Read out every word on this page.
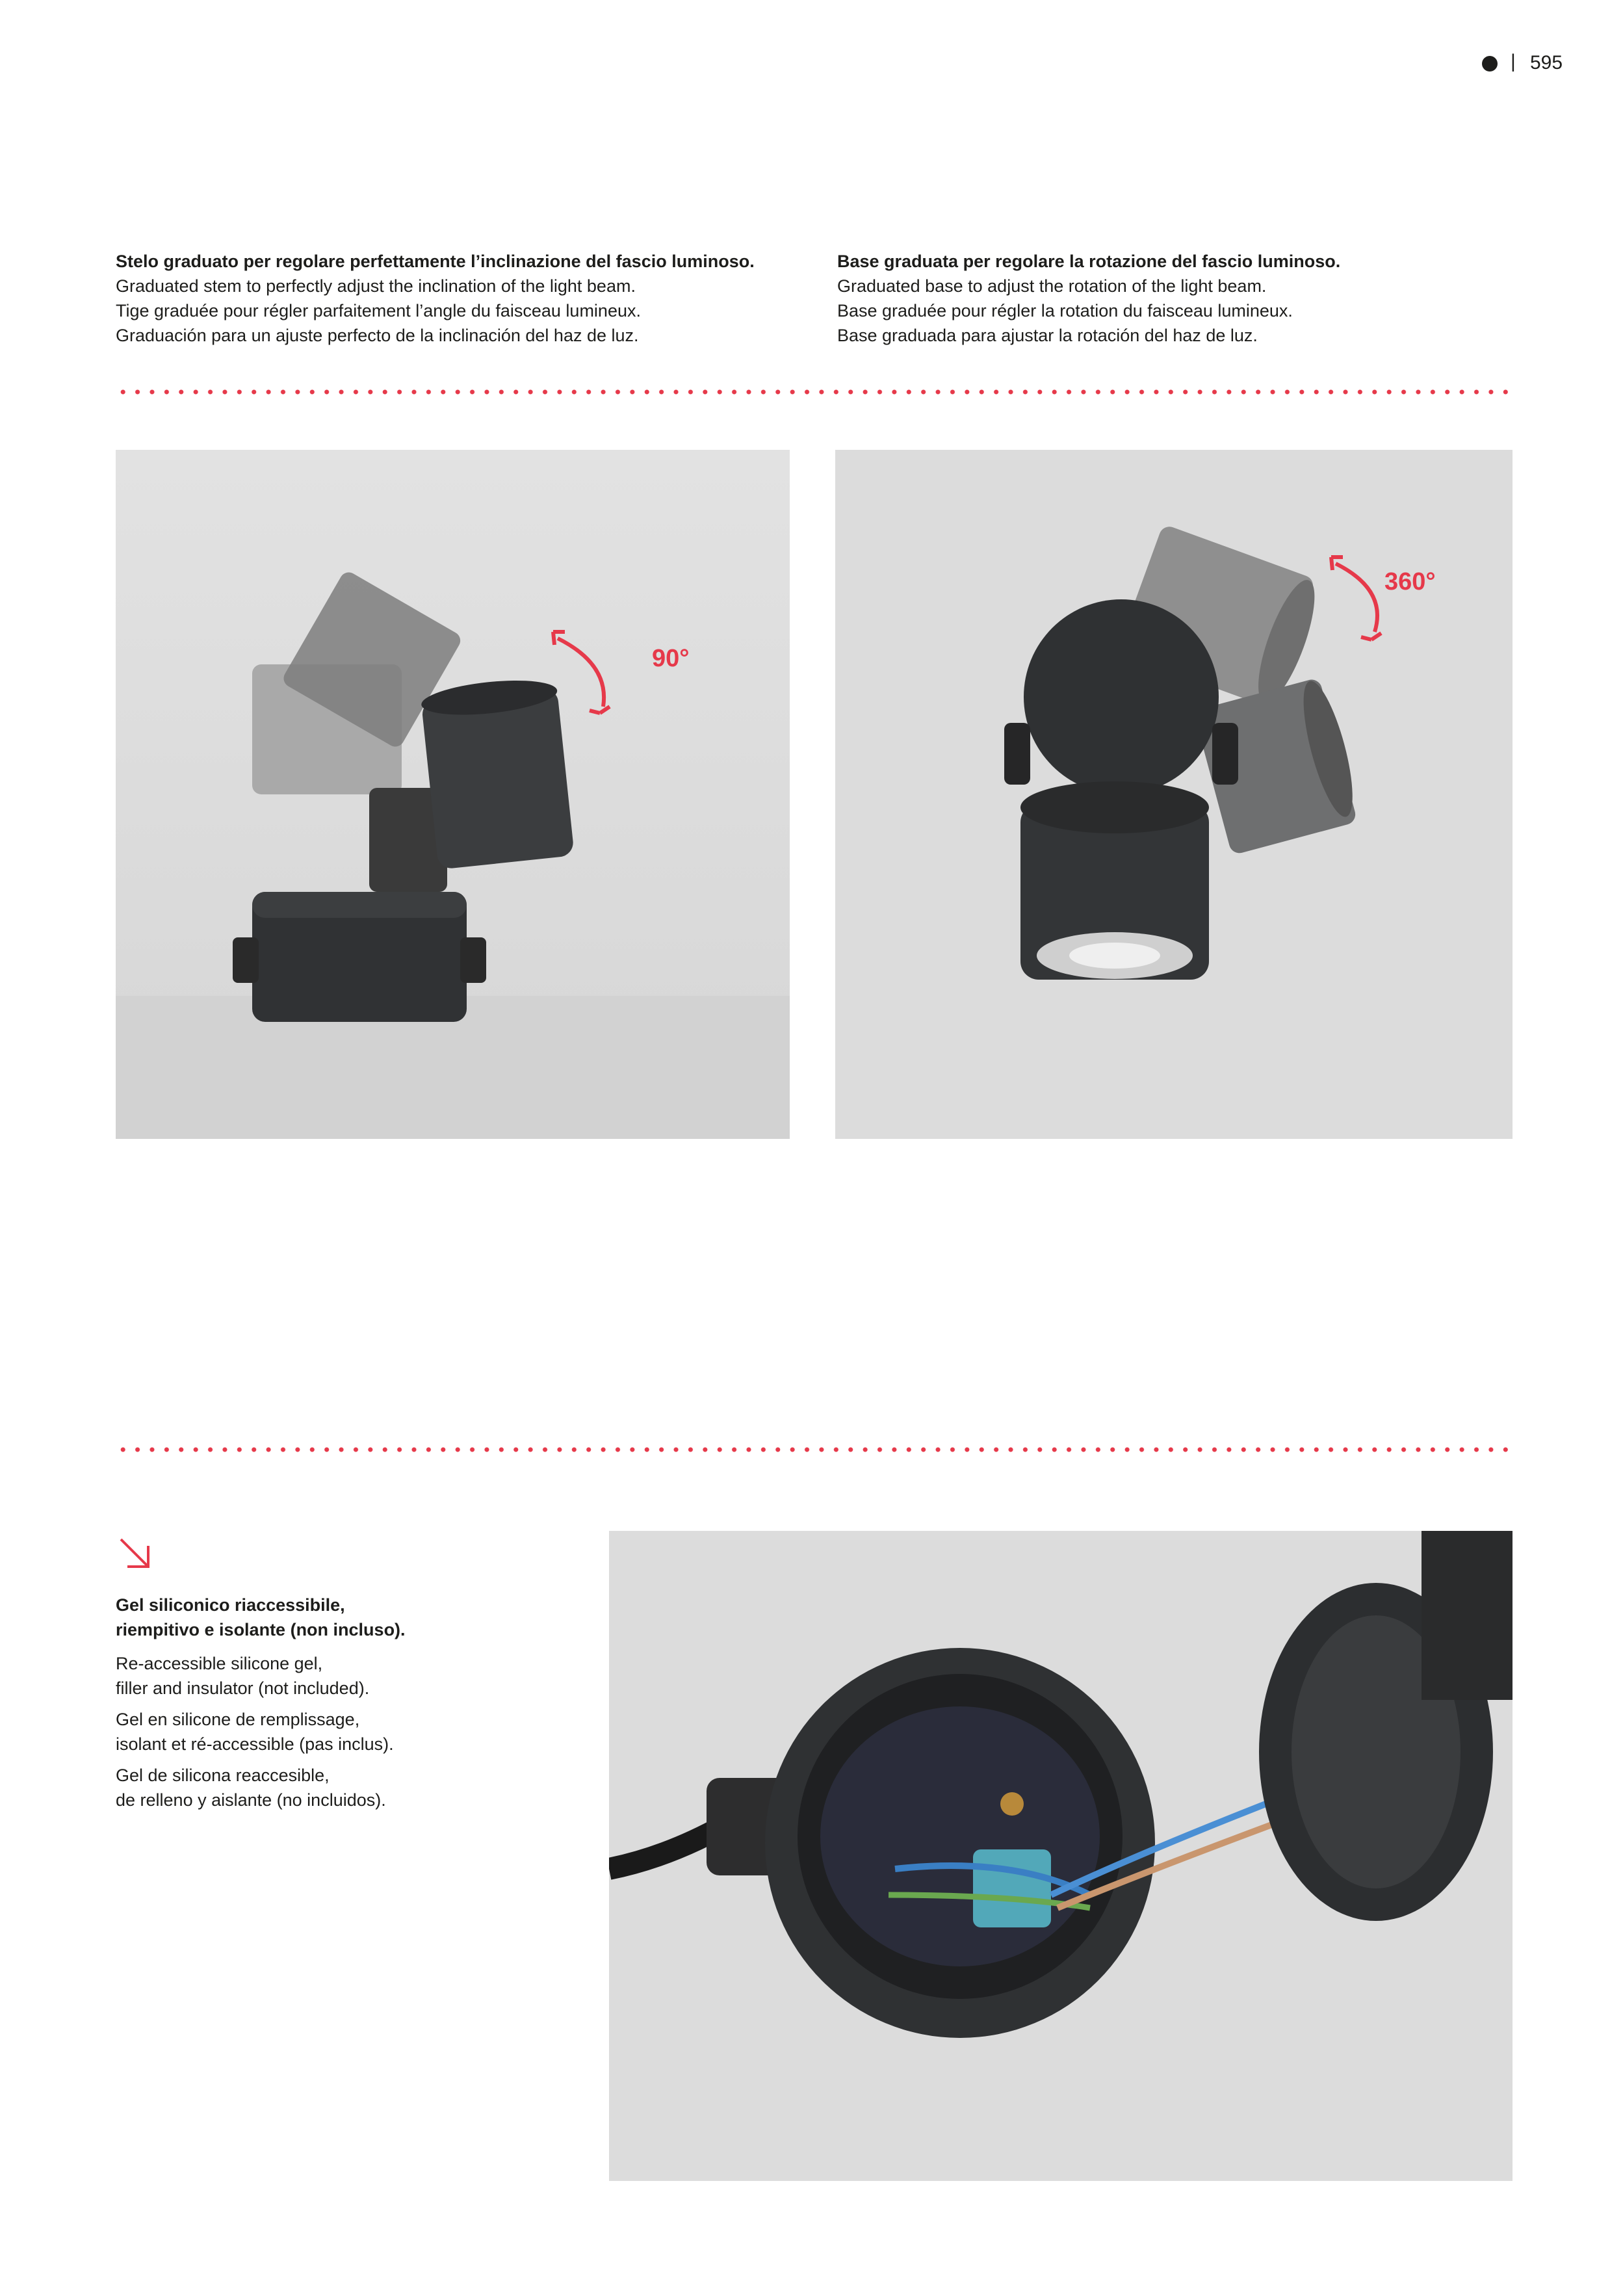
| 595

Stelo graduato per regolare perfettamente l’inclinazione del fascio luminoso.

Graduated stem to perfectly adjust the inclination of the light beam.

Tige graduée pour régler parfaitement l’angle du faisceau lumineux.

Graduación para un ajuste perfecto de la inclinación del haz de luz.

Base graduata per regolare la rotazione del fascio luminoso.

Graduated base to adjust the rotation of the light beam.

Base graduée pour régler la rotation du faisceau lumineux.

Base graduada para ajustar la rotación del haz de luz.

90°
360°

Gel siliconico riaccessibile,
riempitivo e isolante (non incluso).

Re-accessible silicone gel,
filler and insulator (not included).

Gel en silicone de remplissage,
isolant et ré-accessible (pas inclus).

Gel de silicona reaccesible,
de relleno y aislante (no incluidos).
